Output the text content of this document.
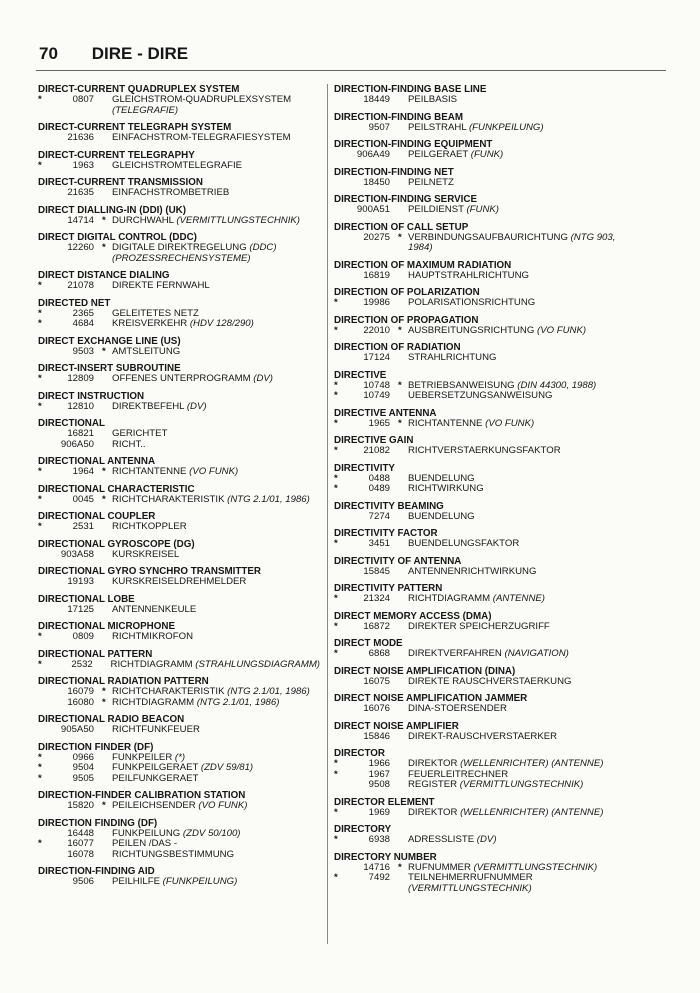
70 DIRE - DIRE
DIRECT-CURRENT QUADRUPLEX SYSTEM
*	0807	GLEICHSTROM-QUADRUPLEXSYSTEM
(TELEGRAFIE)
DIRECT-CURRENT TELEGRAPH SYSTEM
21636	EINFACHSTROM-TELEGRAFIESYSTEM
DIRECT-CURRENT TELEGRAPHY
*	1963	GLEICHSTROMTELEGRAFIE
DIRECT-CURRENT TRANSMISSION
21635	EINFACHSTROMBETRIEB
DIRECT DIALLING-IN (DDI) (UK)
14714 * DURCHWAHL (VERMITTLUNGSTECHNIK)
DIRECT DIGITAL CONTROL (DDC)
12260 * DIGITALE DIREKTREGELUNG (DDC)
(PROZESSRECHENSYSTEME)
DIRECT DISTANCE DIALING
*	21078	DIREKTE FERNWAHL
DIRECTED NET
*	2365	GELEITETES NETZ
*	4684	KREISVERKEHR (HDV 128/290)
DIRECT EXCHANGE LINE (US)
9503 * AMTSLEITUNG
DIRECT-INSERT SUBROUTINE
*	12809	OFFENES UNTERPROGRAMM (DV)
DIRECT INSTRUCTION
*	12810	DIREKTBEFEHL (DV)
DIRECTIONAL
16821	GERICHTET
906A50	RICHT..
DIRECTIONAL ANTENNA
*	1964 * RICHTANTENNE (VO FUNK)
DIRECTIONAL CHARACTERISTIC
*	0045 * RICHTCHARAKTERISTIK (NTG 2.1/01, 1986)
DIRECTIONAL COUPLER
*	2531	RICHTKOPPLER
DIRECTIONAL GYROSCOPE (DG)
903A58	KURSKREISEL
DIRECTIONAL GYRO SYNCHRO TRANSMITTER
19193	KURSKREISELDREHMELDER
DIRECTIONAL LOBE
17125	ANTENNENKEULE
DIRECTIONAL MICROPHONE
*	0809	RICHTMIKROFON
DIRECTIONAL PATTERN
*	2532	RICHTDIAGRAMM (STRAHLUNGSDIAGRAMM)
DIRECTIONAL RADIATION PATTERN
16079 * RICHTCHARAKTERISTIK (NTG 2.1/01, 1986)
16080 * RICHTDIAGRAMM (NTG 2.1/01, 1986)
DIRECTIONAL RADIO BEACON
905A50	RICHTFUNKFEUER
DIRECTION FINDER (DF)
*	0966	FUNKPEILER (*)
*	9504	FUNKPEILGERAET (ZDV 59/81)
*	9505	PEILFUNKGERAET
DIRECTION-FINDER CALIBRATION STATION
15820 * PEILEICHSENDER (VO FUNK)
DIRECTION FINDING (DF)
16448	FUNKPEILUNG (ZDV 50/100)
*	16077	PEILEN /DAS -
16078	RICHTUNGSBESTIMMUNG
DIRECTION-FINDING AID
9506	PEILHILFE (FUNKPEILUNG)
DIRECTION-FINDING BASE LINE
18449	PEILBASIS
DIRECTION-FINDING BEAM
9507	PEILSTRAHL (FUNKPEILUNG)
DIRECTION-FINDING EQUIPMENT
906A49	PEILGERAET (FUNK)
DIRECTION-FINDING NET
18450	PEILNETZ
DIRECTION-FINDING SERVICE
900A51	PEILDIENST (FUNK)
DIRECTION OF CALL SETUP
20275 * VERBINDUNGSAUFBAURICHTUNG (NTG 903,
1984)
DIRECTION OF MAXIMUM RADIATION
16819	HAUPTSTRAHLRICHTUNG
DIRECTION OF POLARIZATION
*	19986	POLARISATIONSRICHTUNG
DIRECTION OF PROPAGATION
*	22010 * AUSBREITUNGSRICHTUNG (VO FUNK)
DIRECTION OF RADIATION
17124	STRAHLRICHTUNG
DIRECTIVE
*	10748 * BETRIEBSANWEISUNG (DIN 44300, 1988)
*	10749	UEBERSETZUNGSANWEISUNG
DIRECTIVE ANTENNA
*	1965 * RICHTANTENNE (VO FUNK)
DIRECTIVE GAIN
*	21082	RICHTVERSTAERKUNGSFAKTOR
DIRECTIVITY
*	0488	BUENDELUNG
*	0489	RICHTWIRKUNG
DIRECTIVITY BEAMING
7274	BUENDELUNG
DIRECTIVITY FACTOR
*	3451	BUENDELUNGSFAKTOR
DIRECTIVITY OF ANTENNA
15845	ANTENNENRICHTWIRKUNG
DIRECTIVITY PATTERN
*	21324	RICHTDIAGRAMM (ANTENNE)
DIRECT MEMORY ACCESS (DMA)
*	16872	DIREKTER SPEICHERZUGRIFF
DIRECT MODE
*	6868	DIREKTVERFAHREN (NAVIGATION)
DIRECT NOISE AMPLIFICATION (DINA)
16075	DIREKTE RAUSCHVERSTAERKUNG
DIRECT NOISE AMPLIFICATION JAMMER
16076	DINA-STOERSENDER
DIRECT NOISE AMPLIFIER
15846	DIREKT-RAUSCHVERSTAERKER
DIRECTOR
*	1966	DIREKTOR (WELLENRICHTER) (ANTENNE)
*	1967	FEUERLEITRECHNER
9508	REGISTER (VERMITTLUNGSTECHNIK)
DIRECTOR ELEMENT
*	1969	DIREKTOR (WELLENRICHTER) (ANTENNE)
DIRECTORY
*	6938	ADRESSLISTE (DV)
DIRECTORY NUMBER
14716 * RUFNUMMER (VERMITTLUNGSTECHNIK)
*	7492	TEILNEHMERRUFNUMMER
(VERMITTLUNGSTECHNIK)
